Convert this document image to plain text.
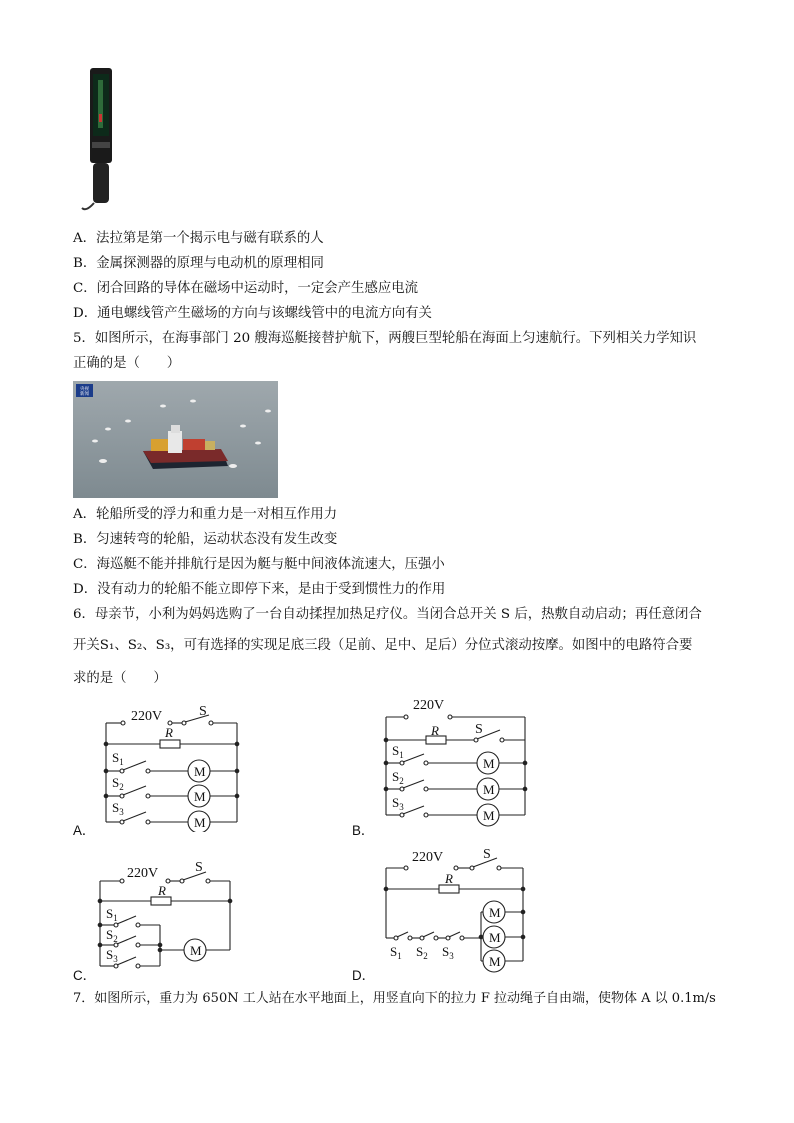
A．法拉第是第一个揭示电与磁有联系的人
B．金属探测器的原理与电动机的原理相同
C．闭合回路的导体在磁场中运动时，一定会产生感应电流
D．通电螺线管产生磁场的方向与该螺线管中的电流方向有关
5．如图所示，在海事部门 20 艘海巡艇接替护航下，两艘巨型轮船在海面上匀速航行。下列相关力学知识
正确的是（　　）
央视
新闻
A．轮船所受的浮力和重力是一对相互作用力
B．匀速转弯的轮船，运动状态没有发生改变
C．海巡艇不能并排航行是因为艇与艇中间液体流速大，压强小
D．没有动力的轮船不能立即停下来，是由于受到惯性力的作用
6．母亲节，小利为妈妈选购了一台自动揉捏加热足疗仪。当闭合总开关 S 后，热敷自动启动；再任意闭合
开关S₁、S₂、S₃，可有选择的实现足底三段（足前、足中、足后）分位式滚动按摩。如图中的电路符合要
求的是（　　）
220V	S
R
M
M
M
$S_1$
$S_2$
$S_3$
A．
220V
S
R
M
M
M
$S_1$
$S_2$
$S_3$
B．
220V	S
R
M
$S_1$
$S_2$
$S_3$
C．
220V	S
R
M
M
M
$S_1$ $S_2$ $S_3$
D．
7．如图所示，重力为 650N 工人站在水平地面上，用竖直向下的拉力 F 拉动绳子自由端，使物体 A 以 0.1m/s
